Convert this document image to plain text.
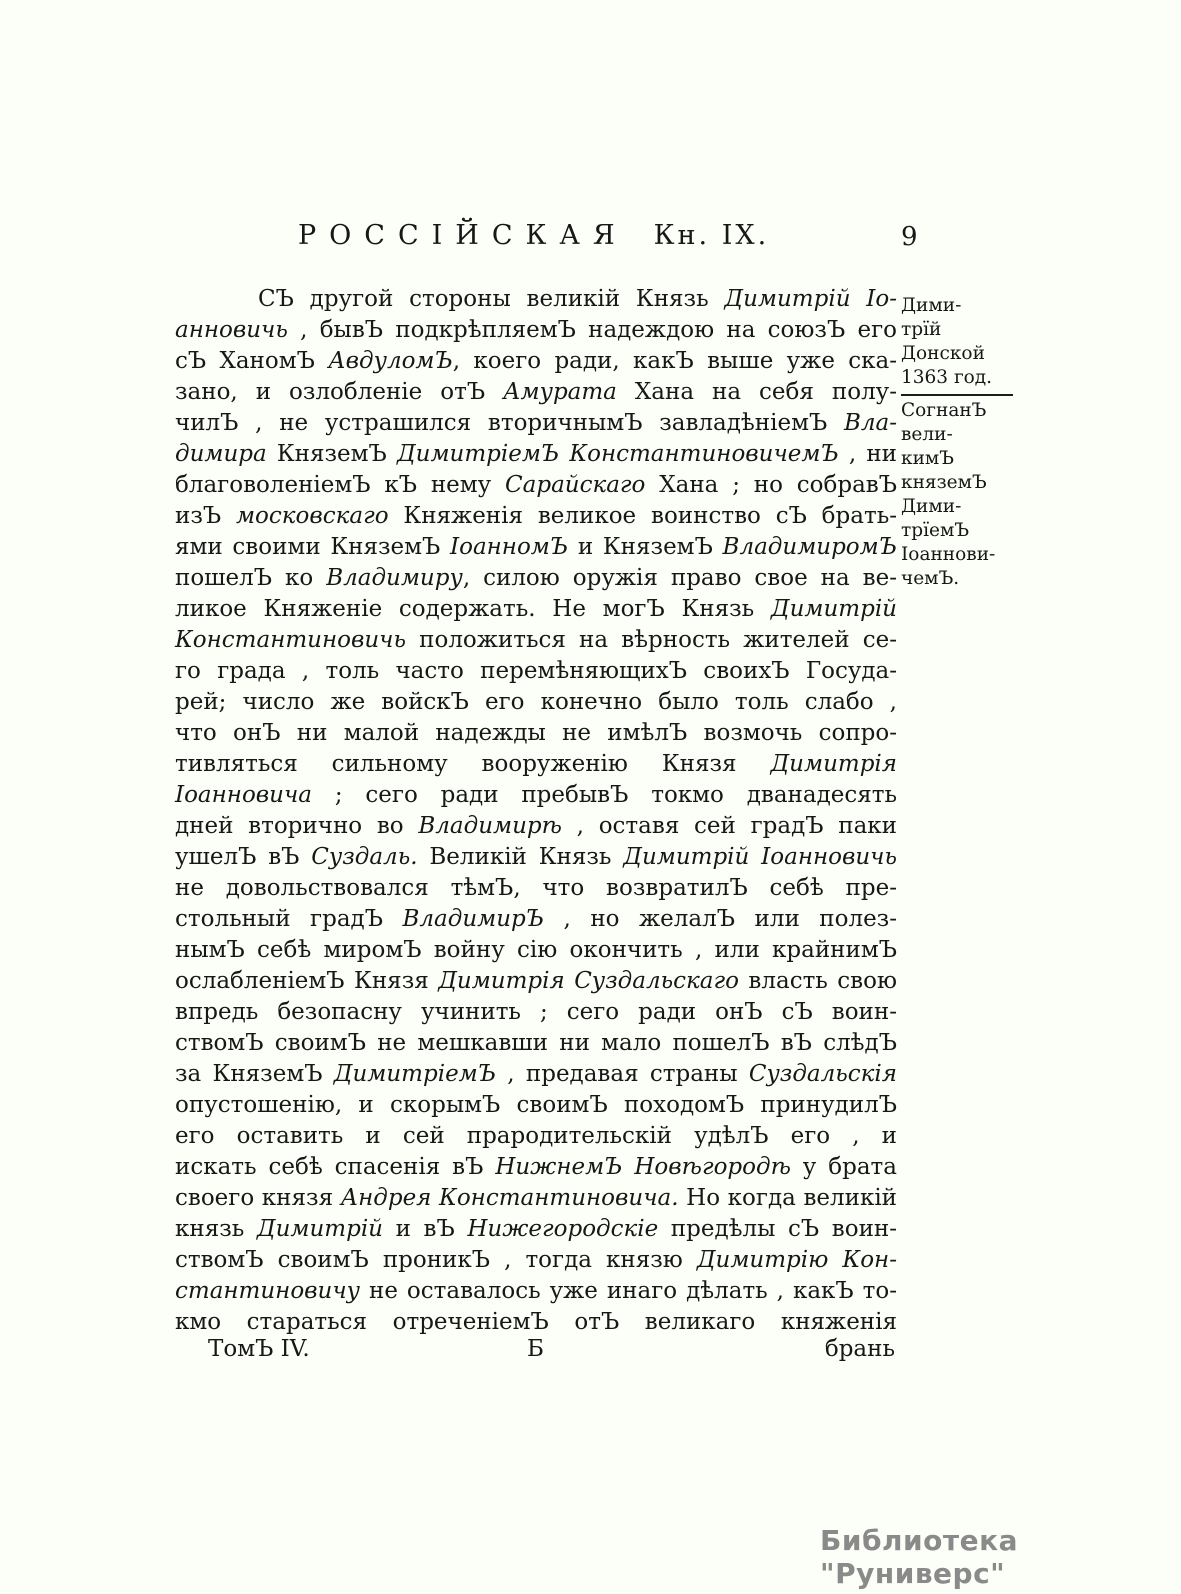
РОССІЙСКАЯ Кн. IX.	9
СЪ другой стороны великій Князь Димитрій Іо-
анновичь , бывЪ подкрѣпляемЪ надеждою на союзЪ его
сЪ ХаномЪ АвдуломЪ, коего ради, какЪ выше уже ска-
зано, и озлобленіе отЪ Амурата Хана на себя полу-
чилЪ , не устрашился вторичнымЪ завладѣніемЪ Вла-
димира КняземЪ ДимитріемЪ КонстантиновичемЪ , ни
благоволеніемЪ кЪ нему Сарайскаго Хана ; но собравЪ
изЪ московскаго Княженія великое воинство сЪ брать-
ями своими КняземЪ ІоанномЪ и КняземЪ ВладимиромЪ
пошелЪ ко Владимиру, силою оружія право свое на ве-
ликое Княженіе содержать. Не могЪ Князь Димитрій
Константиновичь положиться на вѣрность жителей се-
го града , толь часто перемѣняющихЪ своихЪ Госуда-
рей; число же войскЪ его конечно было толь слабо ,
что онЪ ни малой надежды не имѣлЪ возмочь сопро-
тивляться сильному вооруженію Князя Димитрія
Іоанновича ; сего ради пребывЪ токмо дванадесять
дней вторично во Владимирѣ , оставя сей градЪ паки
ушелЪ вЪ Суздаль. Великій Князь Димитрій Іоанновичь
не довольствовался тѣмЪ, что возвратилЪ себѣ пре-
стольный градЪ ВладимирЪ , но желалЪ или полез-
нымЪ себѣ миромЪ войну сію окончить , или крайнимЪ
ослабленіемЪ Князя Димитрія Суздальскаго власть свою
впредь безопасну учинить ; сего ради онЪ сЪ воин-
ствомЪ своимЪ не мешкавши ни мало пошелЪ вЪ слѣдЪ
за КняземЪ ДимитріемЪ , предавая страны Суздальскія
опустошенію, и скорымЪ своимЪ походомЪ принудилЪ
его оставить и сей прародительскій удѣлЪ его , и
искать себѣ спасенія вЪ НижнемЪ Новѣгородѣ у брата
своего князя Андрея Константиновича. Но когда великій
князь Димитрій и вЪ Нижегородскіе предѣлы сЪ воин-
ствомЪ своимЪ проникЪ , тогда князю Димитрію Кон-
стантиновичу не оставалось уже инаго дѣлать , какЪ то-
кмо стараться отреченіемЪ отЪ великаго княженія
Дими-
трїй
Донской
1363 год.
СогнанЪ
вели-
кимЪ
княземЪ
Дими-
трїемЪ
Іоаннови-
чемЪ.
ТомЪ IV.	Б	брань
Библиотека "Руниверс"
